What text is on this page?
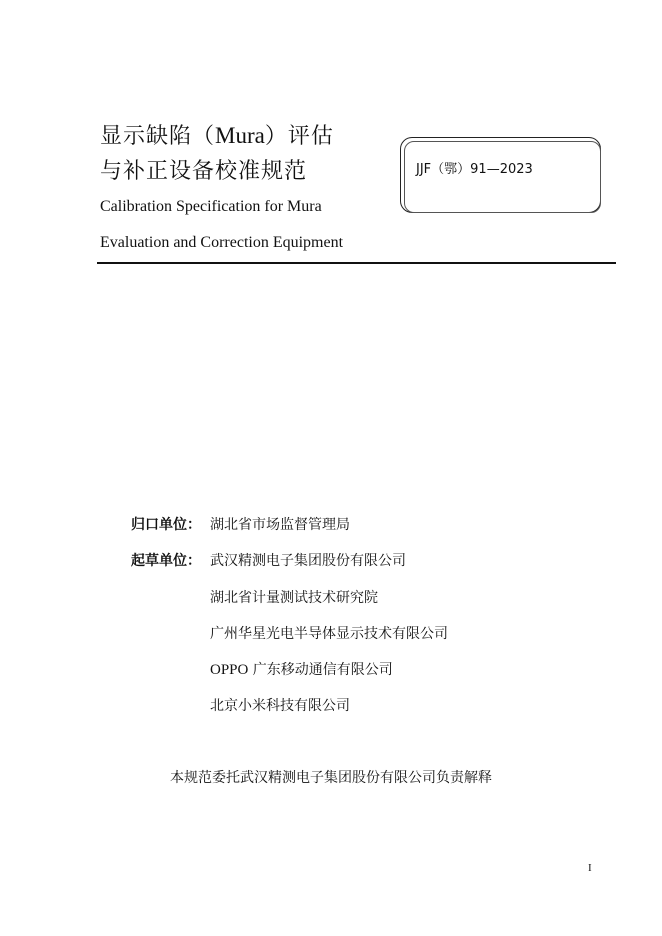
显示缺陷（Mura）评估
与补正设备校准规范
Calibration Specification for Mura
Evaluation and Correction Equipment
JJF（鄂）91—2023
归口单位： 湖北省市场监督管理局
起草单位： 武汉精测电子集团股份有限公司
湖北省计量测试技术研究院
广州华星光电半导体显示技术有限公司
OPPO 广东移动通信有限公司
北京小米科技有限公司
本规范委托武汉精测电子集团股份有限公司负责解释
I
